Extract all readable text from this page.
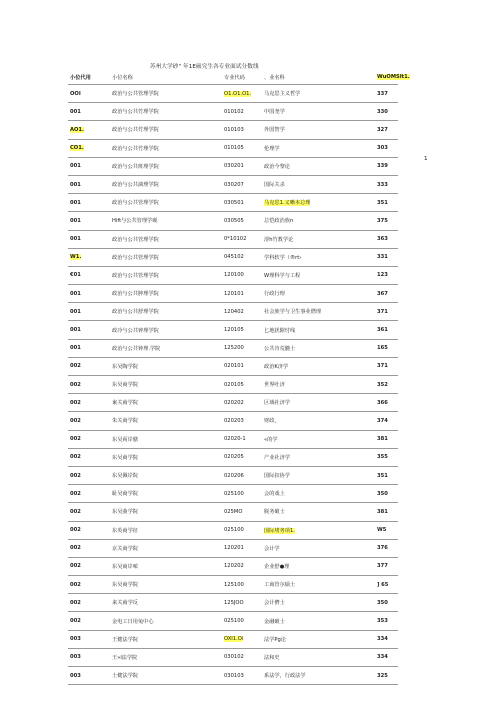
苏州大学砂" 年1E硕究生各专业面试分数线
1
小位代用	小位名称	专业代码	、业名科	WuOMSIt1.
OOI	政治与公共管理学院	O1.O1.O1.	马克思主义哲学	337
001	政治与公共竹理学院	010102	中国尧学	330
AO1.	政治与公共竹理学院	010103	外国智学	327
CO1.	政治与公共竹理学院	010105	伦理学	303
001	政治与公共班理学院	030201	政治今黎论	339
001	政治与公共淌理学院	030207	国际关杀	333
001	政治与公共管理学院	030501	马克思1.义晰本总理	351
001	Hift与公共管理学砚	030505	总恺政治族n	375
001	政治与公共管理学院	0*10102	涩h竹教学论	363
W1.	政治与公共管理学院	045102	学科软学（®rt›	331
€01	政治与公共管理学院	120100	W理科学与工程	123
001	政治与公共肿理学院	120101	行政行理	367
001	政治与公共舒理学院	120402	社会族学与卫生事业僭理	371
001	政冷与公共钟理学院	120105	匕地扰隙忖线	361
001	政治与公共钟理.学院	125200	公共肯荒髓士	165
002	东吴陶学院	020101	政治K济学	371
002	东吴商学院	020105	世界吐济	352
002	東关商学院	020202	区域社济学	366
002	朱关商学院	020203	财政，	374
002	东吴両岸膳	02020-1	«的学	381
002	东吴商学院	020205	产业社济学	355
002	东吴佩岸院	020206	国际扣协学	351
002	耻吴商学院	025100	会的戏上	350
002	东吴曲学院	025MO	脱务破士	381
002	东英商学征	025100	国际堵务项1.	W5
002	京关商学院	120201	会计学	376
002	东吴商岸哝	120202	企业舒●理	377
002	东吴商学院	125100	工商管尔硕士	] 65
002	来关商学反	125JOO	会计擠士	350
002	金电工日用兔中心	025100	金融破士	353
003	王健法学院	OXI1.Oi	法学Pg论	334
003	王»l法学院	030102	法和史	334
003	士健法学院	030103	系法学，行政法学	325
